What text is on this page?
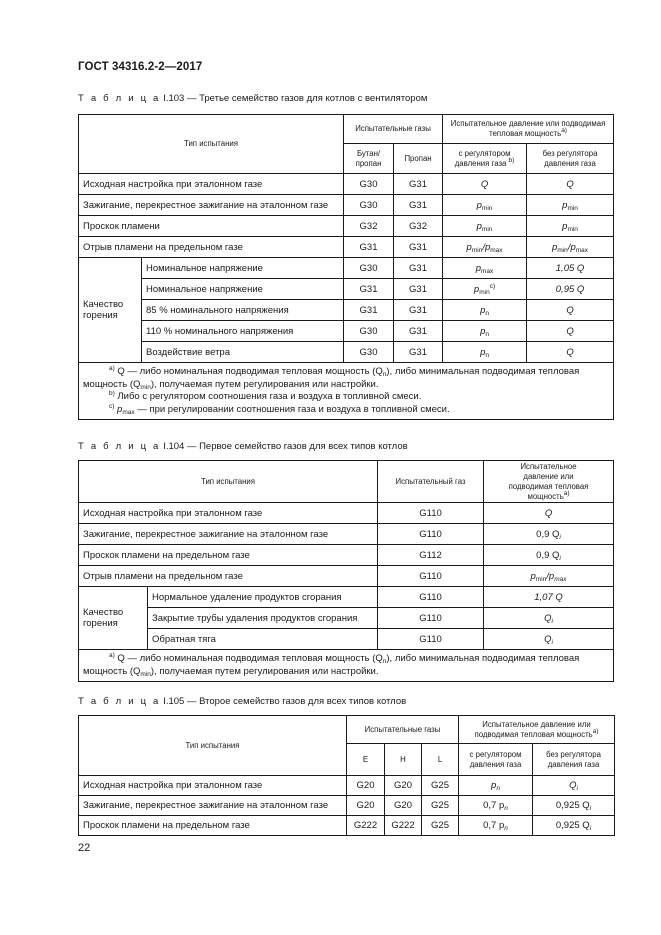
ГОСТ 34316.2-2—2017
Т а б л и ц а I.103 — Третье семейство газов для котлов с вентилятором
Тип испытания		Испытательные газы		Испытательное давление или подводимая тепловая мощность$^{a)}$
		Бутан/ пропан	Пропан	с регулятором давления газа $^{b)}$	без регулятора давления газа
Исходная настройка при эталонном газе		G30	G31	Q	Q
Зажигание, перекрестное зажигание на эталонном газе		G30	G31	$p_{min}$	$p_{min}$
Проскок пламени		G32	G32	$p_{min}$	$p_{min}$
Отрыв пламени на предельном газе		G31	G31	$p_{min}/p_{max}$	$p_{min}/p_{max}$
Качество горения	Номинальное напряжение	G30	G31	$p_{max}$	1,05 Q
	Номинальное напряжение	G31	G31	$p_{min}^{c)}$	0,95 Q
	85 % номинального напряжения	G31	G31	$p_n$	Q
	110 % номинального напряжения	G30	G31	$p_n$	Q
	Воздействие ветра	G30	G31	$p_n$	Q

$^{a)}$ Q — либо номинальная подводимая тепловая мощность $(Q_n)$, либо минимальная подводимая тепловая мощность $(Q_{min})$, получаемая путем регулирования или настройки.
$^{b)}$ Либо с регулятором соотношения газа и воздуха в топливной смеси.
$^{c)}$ $p_{max}$ — при регулировании соотношения газа и воздуха в топливной смеси.					
Т а б л и ц а I.104 — Первое семейство газов для всех типов котлов
Тип испытания		Испытательный газ	Испытательное давление или подводимая тепловая мощность$^{a)}$
Исходная настройка при эталонном газе		G110	Q
Зажигание, перекрестное зажигание на эталонном газе		G110	0,9 $Q_i$
Проскок пламени на предельном газе		G112	0,9 $Q_i$
Отрыв пламени на предельном газе		G110	$p_{min}/p_{max}$
Качество горения	Нормальное удаление продуктов сгорания	G110	1,07 Q
	Закрытие трубы удаления продуктов сгорания	G110	$Q_i$
	Обратная тяга	G110	$Q_i$

$^{a)}$ Q — либо номинальная подводимая тепловая мощность $(Q_n)$, либо минимальная подводимая тепловая мощность $(Q_{min})$, получаемая путем регулирования или настройки.			
Т а б л и ц а I.105 — Второе семейство газов для всех типов котлов
Тип испытания	Испытательные газы			Испытательное давление или подводимая тепловая мощность$^{a)}$
	E	H	L	с регулятором давления газа	без регулятора давления газа
Исходная настройка при эталонном газе	G20	G20	G25	$p_n$	$Q_i$
Зажигание, перекрестное зажигание на эталонном газе	G20	G20	G25	0,7 $p_n$	0,925 $Q_i$
Проскок пламени на предельном газе	G222	G222	G25	0,7 $p_n$	0,925 $Q_i$
22
